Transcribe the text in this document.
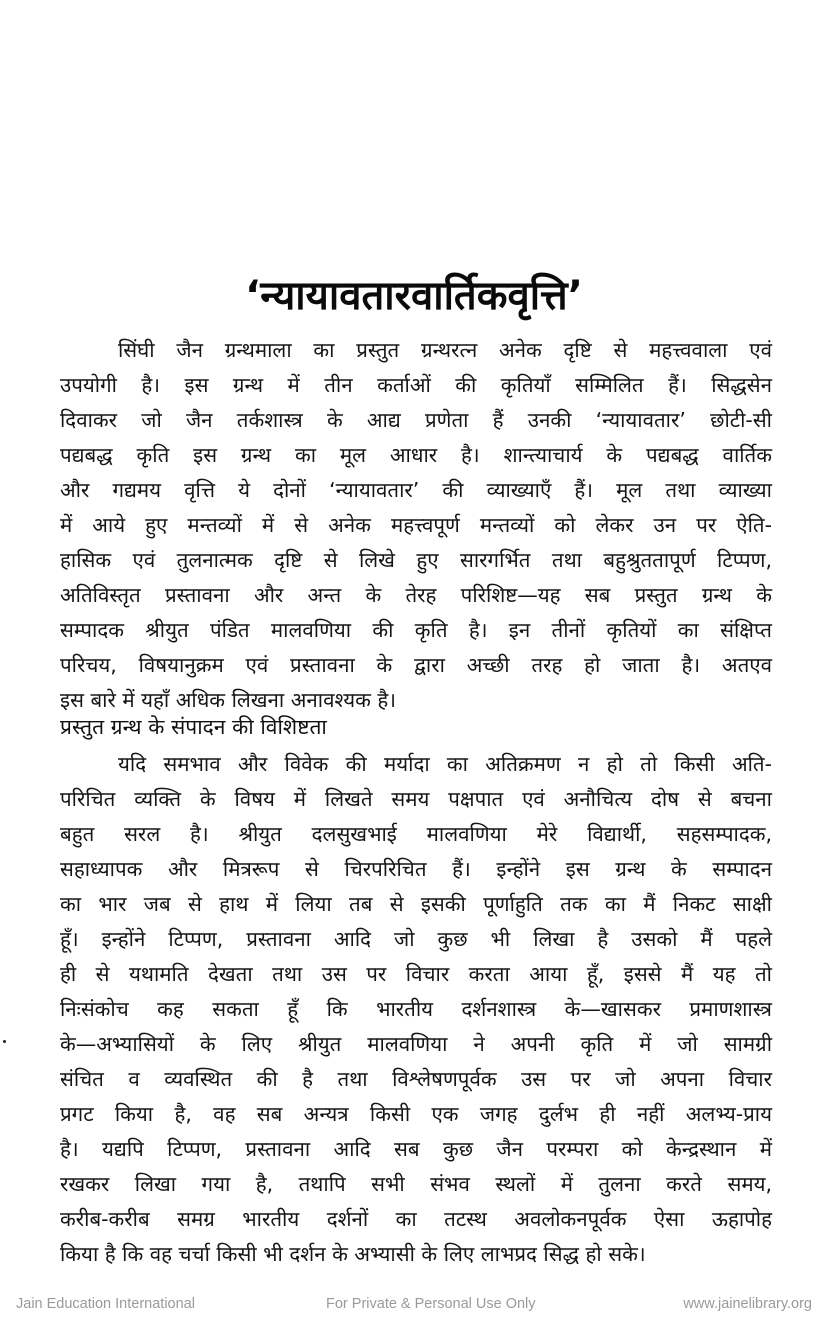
‘न्यायावतारवार्तिकवृत्ति’
सिंघी जैन ग्रन्थमाला का प्रस्तुत ग्रन्थरत्न अनेक दृष्टि से महत्त्ववाला एवं
उपयोगी है। इस ग्रन्थ में तीन कर्ताओं की कृतियाँ सम्मिलित हैं। सिद्धसेन
दिवाकर जो जैन तर्कशास्त्र के आद्य प्रणेता हैं उनकी ‘न्यायावतार’ छोटी-सी
पद्यबद्ध कृति इस ग्रन्थ का मूल आधार है। शान्त्याचार्य के पद्यबद्ध वार्तिक
और गद्यमय वृत्ति ये दोनों ‘न्यायावतार’ की व्याख्याएँ हैं। मूल तथा व्याख्या
में आये हुए मन्तव्यों में से अनेक महत्त्वपूर्ण मन्तव्यों को लेकर उन पर ऐति-
हासिक एवं तुलनात्मक दृष्टि से लिखे हुए सारगर्भित तथा बहुश्रुततापूर्ण टिप्पण,
अतिविस्तृत प्रस्तावना और अन्त के तेरह परिशिष्ट—यह सब प्रस्तुत ग्रन्थ के
सम्पादक श्रीयुत पंडित मालवणिया की कृति है। इन तीनों कृतियों का संक्षिप्त
परिचय, विषयानुक्रम एवं प्रस्तावना के द्वारा अच्छी तरह हो जाता है। अतएव
इस बारे में यहाँ अधिक लिखना अनावश्यक है।
प्रस्तुत ग्रन्थ के संपादन की विशिष्टता
यदि समभाव और विवेक की मर्यादा का अतिक्रमण न हो तो किसी अति-
परिचित व्यक्ति के विषय में लिखते समय पक्षपात एवं अनौचित्य दोष से बचना
बहुत सरल है। श्रीयुत दलसुखभाई मालवणिया मेरे विद्यार्थी, सहसम्पादक,
सहाध्यापक और मित्ररूप से चिरपरिचित हैं। इन्होंने इस ग्रन्थ के सम्पादन
का भार जब से हाथ में लिया तब से इसकी पूर्णाहुति तक का मैं निकट साक्षी
हूँ। इन्होंने टिप्पण, प्रस्तावना आदि जो कुछ भी लिखा है उसको मैं पहले
ही से यथामति देखता तथा उस पर विचार करता आया हूँ, इससे मैं यह तो
निःसंकोच कह सकता हूँ कि भारतीय दर्शनशास्त्र के—खासकर प्रमाणशास्त्र
के—अभ्यासियों के लिए श्रीयुत मालवणिया ने अपनी कृति में जो सामग्री
संचित व व्यवस्थित की है तथा विश्लेषणपूर्वक उस पर जो अपना विचार
प्रगट किया है, वह सब अन्यत्र किसी एक जगह दुर्लभ ही नहीं अलभ्य-प्राय
है। यद्यपि टिप्पण, प्रस्तावना आदि सब कुछ जैन परम्परा को केन्द्रस्थान में
रखकर लिखा गया है, तथापि सभी संभव स्थलों में तुलना करते समय,
करीब-करीब समग्र भारतीय दर्शनों का तटस्थ अवलोकनपूर्वक ऐसा ऊहापोह
किया है कि वह चर्चा किसी भी दर्शन के अभ्यासी के लिए लाभप्रद सिद्ध हो सके।
Jain Education International	For Private & Personal Use Only	www.jainelibrary.org
